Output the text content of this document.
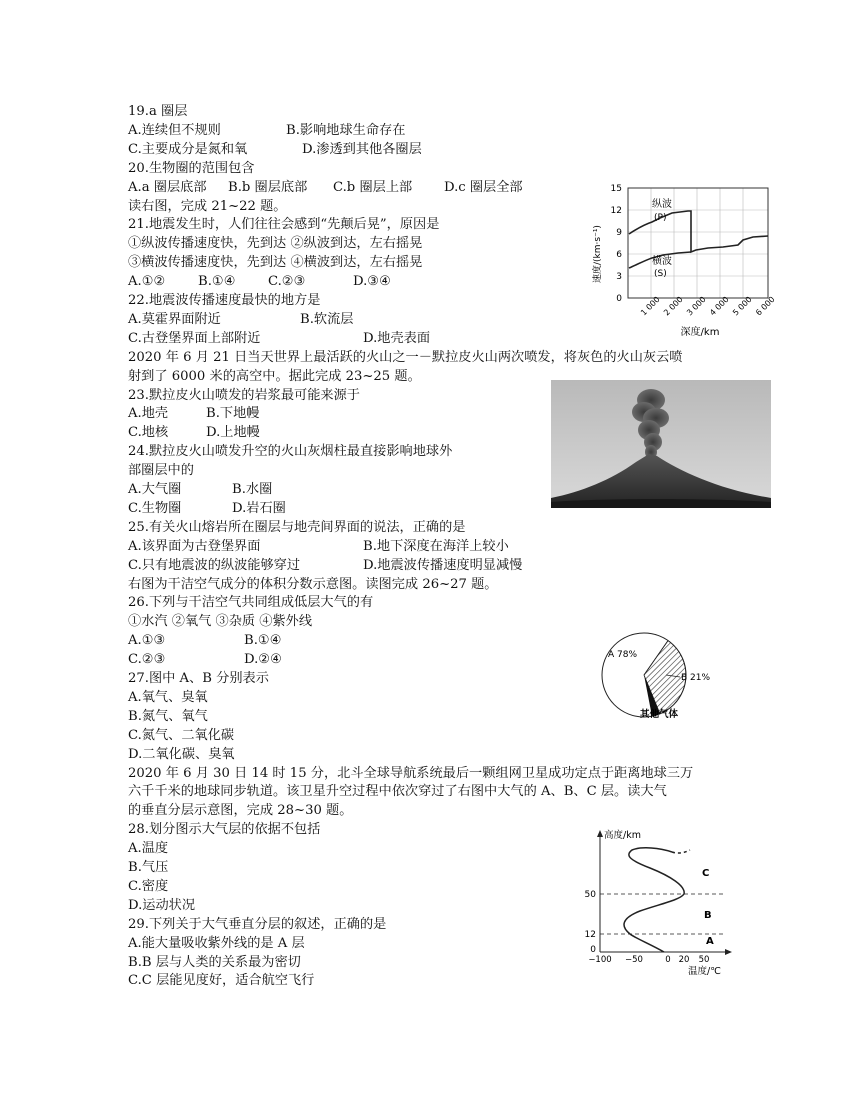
19.a 圈层
A.连续但不规则	B.影响地球生命存在
C.主要成分是氮和氧	D.渗透到其他各圈层
20.生物圈的范围包含
A.a 圈层底部 B.b 圈层底部 C.b 圈层上部 D.c 圈层全部
读右图，完成 21~22 题。
21.地震发生时，人们往往会感到“先颠后晃”，原因是
①纵波传播速度快，先到达 ②纵波到达，左右摇晃
③横波传播速度快，先到达 ④横波到达，左右摇晃
A.①② B.①④ C.②③	D.③④
22.地震波传播速度最快的地方是
A.莫霍界面附近	B.软流层
C.古登堡界面上部附近	D.地壳表面
2020 年 6 月 21 日当天世界上最活跃的火山之一－默拉皮火山两次喷发，将灰色的火山灰云喷
射到了 6000 米的高空中。据此完成 23~25 题。
23.默拉皮火山喷发的岩浆最可能来源于
A.地壳	B.下地幔
C.地核	D.上地幔
24.默拉皮火山喷发升空的火山灰烟柱最直接影响地球外
部圈层中的
A.大气圈	B.水圈
C.生物圈	D.岩石圈
25.有关火山熔岩所在圈层与地壳间界面的说法，正确的是
A.该界面为古登堡界面	B.地下深度在海洋上较小
C.只有地震波的纵波能够穿过	D.地震波传播速度明显减慢
右图为干洁空气成分的体积分数示意图。读图完成 26~27 题。
26.下列与干洁空气共同组成低层大气的有
①水汽 ②氧气 ③杂质 ④紫外线
A.①③	B.①④
C.②③	D.②④
27.图中 A、B 分别表示
A.氧气、臭氧
B.氮气、氧气
C.氮气、二氧化碳
D.二氧化碳、臭氧
2020 年 6 月 30 日 14 时 15 分，北斗全球导航系统最后一颗组网卫星成功定点于距离地球三万
六千千米的地球同步轨道。该卫星升空过程中依次穿过了右图中大气的 A、B、C 层。读大气
的垂直分层示意图，完成 28~30 题。
28.划分图示大气层的依据不包括
A.温度
B.气压
C.密度
D.运动状况
29.下列关于大气垂直分层的叙述，正确的是
A.能大量吸收紫外线的是 A 层
B.B 层与人类的关系最为密切
C.C 层能见度好，适合航空飞行
15
12
9
6
3
0
速度/(km·s⁻¹)
纵波
(P)
横波
(S)
1 000 2 000 3 000 4 000 5 000 6 000
深度/km
A 78%
B 21%
其他气体
高度/km
50
12
0
C
B
A
−100 −50	0 20 50
温度/℃
